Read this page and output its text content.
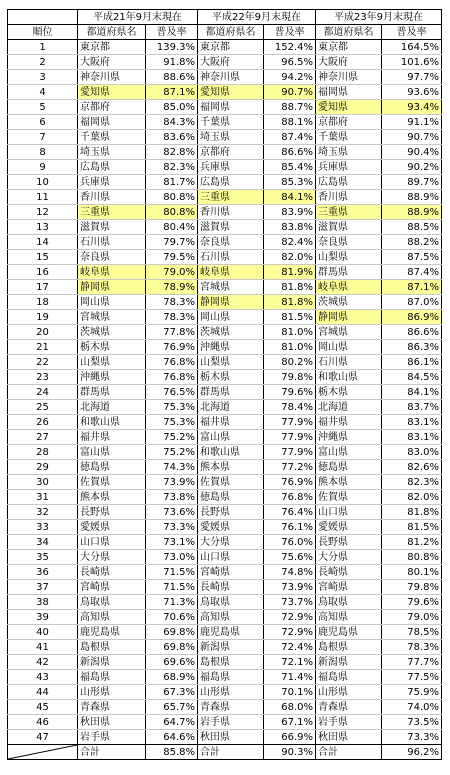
	平成21年9月末現在		平成22年9月末現在		平成23年9月末現在	
順位	都道府県名	普及率	都道府県名	普及率	都道府県名	普及率
1	東京都	139.3%	東京都	152.4%	東京都	164.5%
2	大阪府	91.8%	大阪府	96.5%	大阪府	101.6%
3	神奈川県	88.6%	神奈川県	94.2%	神奈川県	97.7%
4	愛知県	87.1%	愛知県	90.7%	福岡県	93.6%
5	京都府	85.0%	福岡県	88.7%	愛知県	93.4%
6	福岡県	84.3%	千葉県	88.1%	京都府	91.1%
7	千葉県	83.6%	埼玉県	87.4%	千葉県	90.7%
8	埼玉県	82.8%	京都府	86.6%	埼玉県	90.4%
9	広島県	82.3%	兵庫県	85.4%	兵庫県	90.2%
10	兵庫県	81.7%	広島県	85.3%	広島県	89.7%
11	香川県	80.8%	三重県	84.1%	香川県	88.9%
12	三重県	80.8%	香川県	83.9%	三重県	88.9%
13	滋賀県	80.4%	滋賀県	83.8%	滋賀県	88.5%
14	石川県	79.7%	奈良県	82.4%	奈良県	88.2%
15	奈良県	79.5%	石川県	82.0%	山梨県	87.5%
16	岐阜県	79.0%	岐阜県	81.9%	群馬県	87.4%
17	静岡県	78.9%	宮城県	81.8%	岐阜県	87.1%
18	岡山県	78.3%	静岡県	81.8%	茨城県	87.0%
19	宮城県	78.3%	岡山県	81.5%	静岡県	86.9%
20	茨城県	77.8%	茨城県	81.0%	宮城県	86.6%
21	栃木県	76.9%	沖縄県	81.0%	岡山県	86.3%
22	山梨県	76.8%	山梨県	80.2%	石川県	86.1%
23	沖縄県	76.8%	栃木県	79.8%	和歌山県	84.5%
24	群馬県	76.5%	群馬県	79.6%	栃木県	84.1%
25	北海道	75.3%	北海道	78.4%	北海道	83.7%
26	和歌山県	75.3%	福井県	77.9%	福井県	83.1%
27	福井県	75.2%	富山県	77.9%	沖縄県	83.1%
28	富山県	75.2%	和歌山県	77.9%	富山県	83.0%
29	徳島県	74.3%	熊本県	77.2%	徳島県	82.6%
30	佐賀県	73.9%	佐賀県	76.9%	熊本県	82.3%
31	熊本県	73.8%	徳島県	76.8%	佐賀県	82.0%
32	長野県	73.6%	長野県	76.4%	山口県	81.8%
33	愛媛県	73.3%	愛媛県	76.1%	愛媛県	81.5%
34	山口県	73.1%	大分県	76.0%	長野県	81.2%
35	大分県	73.0%	山口県	75.6%	大分県	80.8%
36	長崎県	71.5%	宮崎県	74.8%	長崎県	80.1%
37	宮崎県	71.5%	長崎県	73.9%	宮崎県	79.8%
38	鳥取県	71.3%	鳥取県	73.7%	鳥取県	79.6%
39	高知県	70.6%	高知県	72.9%	高知県	79.0%
40	鹿児島県	69.8%	鹿児島県	72.9%	鹿児島県	78.5%
41	島根県	69.8%	新潟県	72.4%	島根県	78.3%
42	新潟県	69.6%	島根県	72.1%	新潟県	77.7%
43	福島県	68.9%	福島県	71.4%	福島県	77.5%
44	山形県	67.3%	山形県	70.1%	山形県	75.9%
45	青森県	65.7%	青森県	68.0%	青森県	74.0%
46	秋田県	64.7%	岩手県	67.1%	岩手県	73.5%
47	岩手県	64.6%	秋田県	66.9%	秋田県	73.3%

	合計	85.8%	合計	90.3%	合計	96.2%
